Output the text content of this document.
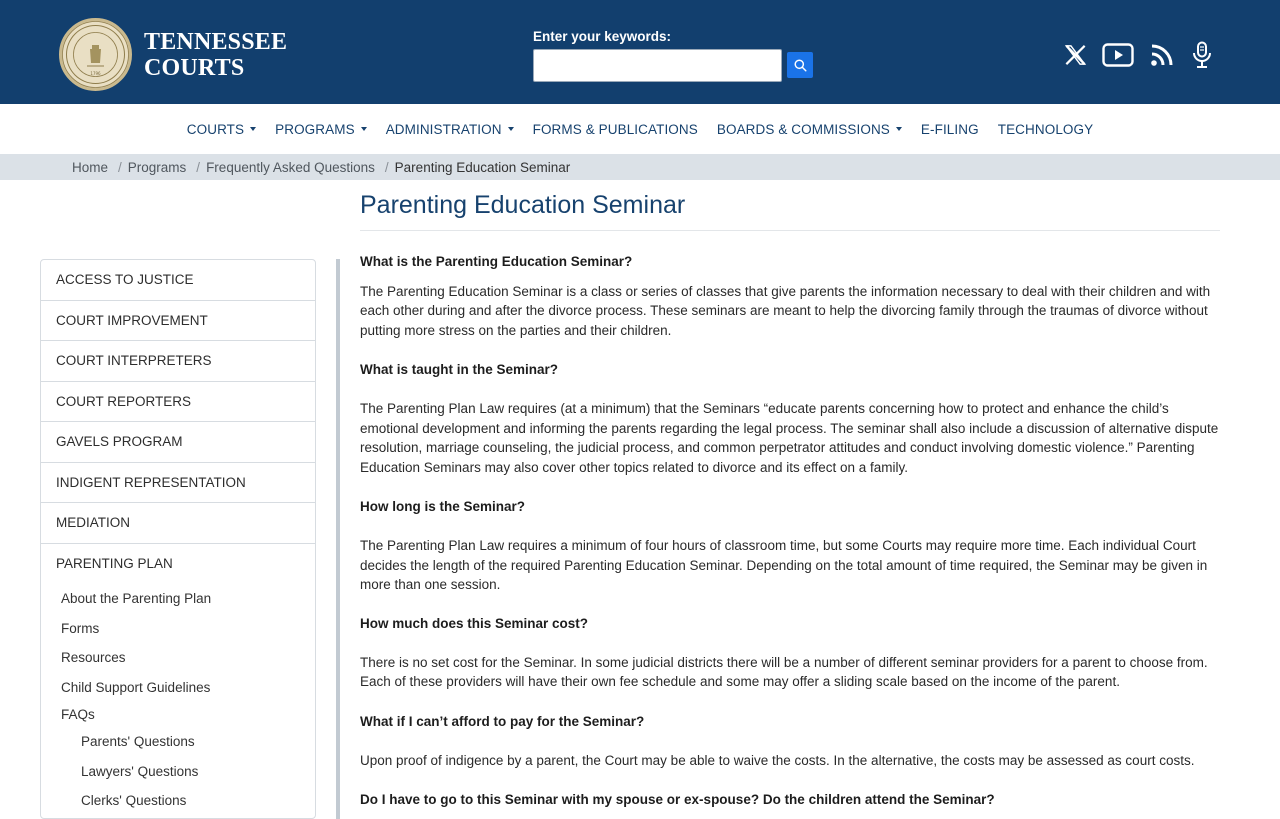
1796
TENNESSEE
COURTS
Enter your keywords:
COURTS	PROGRAMS	ADMINISTRATION	FORMS & PUBLICATIONS BOARDS & COMMISSIONS	E-FILING TECHNOLOGY
Home / Programs / Frequently Asked Questions / Parenting Education Seminar
Parenting Education Seminar
ACCESS TO JUSTICE
COURT IMPROVEMENT
COURT INTERPRETERS
COURT REPORTERS
GAVELS PROGRAM
INDIGENT REPRESENTATION
MEDIATION
PARENTING PLAN
About the Parenting Plan
Forms
Resources
Child Support Guidelines
FAQs
Parents' Questions
Lawyers' Questions
Clerks' Questions
What is the Parenting Education Seminar?
The Parenting Education Seminar is a class or series of classes that give parents the information necessary to deal with their children and with each other during and after the divorce process. These seminars are meant to help the divorcing family through the traumas of divorce without putting more stress on the parties and their children.
What is taught in the Seminar?
The Parenting Plan Law requires (at a minimum) that the Seminars “educate parents concerning how to protect and enhance the child’s emotional development and informing the parents regarding the legal process. The seminar shall also include a discussion of alternative dispute resolution, marriage counseling, the judicial process, and common perpetrator attitudes and conduct involving domestic violence.” Parenting Education Seminars may also cover other topics related to divorce and its effect on a family.
How long is the Seminar?
The Parenting Plan Law requires a minimum of four hours of classroom time, but some Courts may require more time. Each individual Court decides the length of the required Parenting Education Seminar. Depending on the total amount of time required, the Seminar may be given in more than one session.
How much does this Seminar cost?
There is no set cost for the Seminar. In some judicial districts there will be a number of different seminar providers for a parent to choose from. Each of these providers will have their own fee schedule and some may offer a sliding scale based on the income of the parent.
What if I can’t afford to pay for the Seminar?
Upon proof of indigence by a parent, the Court may be able to waive the costs. In the alternative, the costs may be assessed as court costs.
Do I have to go to this Seminar with my spouse or ex-spouse? Do the children attend the Seminar?
